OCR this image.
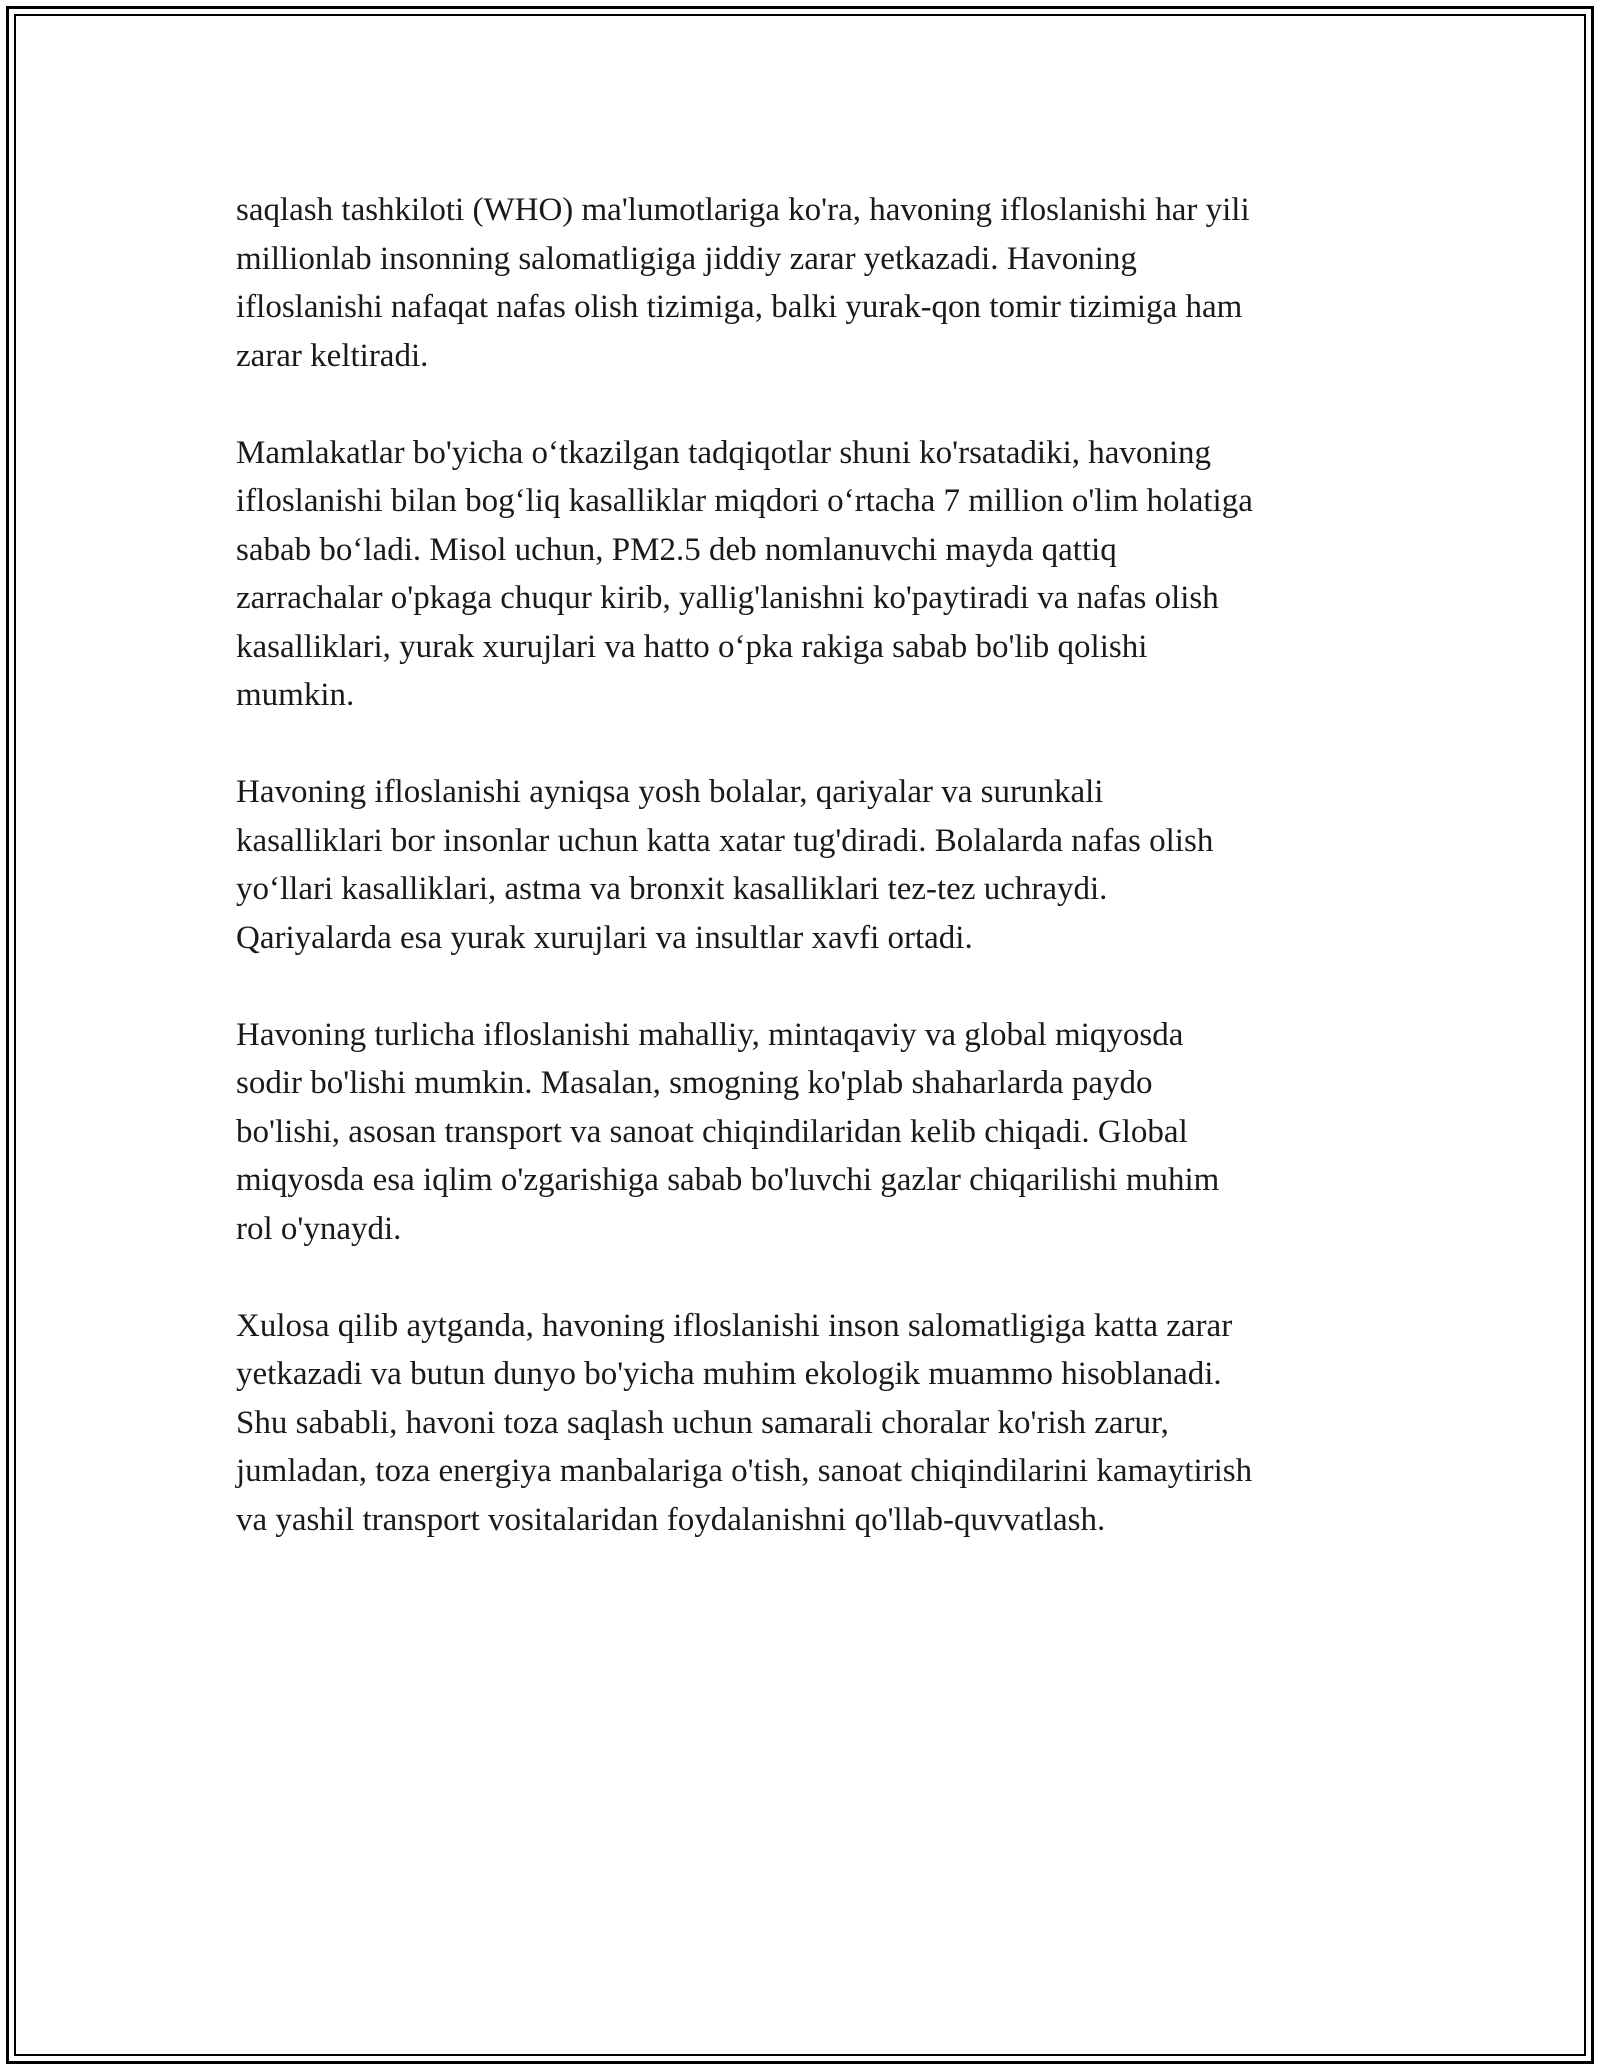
saqlash tashkiloti (WHO) ma'lumotlariga ko'ra, havoning ifloslanishi har yili
millionlab insonning salomatligiga jiddiy zarar yetkazadi. Havoning
ifloslanishi nafaqat nafas olish tizimiga, balki yurak-qon tomir tizimiga ham
zarar keltiradi.

Mamlakatlar bo'yicha o‘tkazilgan tadqiqotlar shuni ko'rsatadiki, havoning
ifloslanishi bilan bog‘liq kasalliklar miqdori o‘rtacha 7 million o'lim holatiga
sabab bo‘ladi. Misol uchun, PM2.5 deb nomlanuvchi mayda qattiq
zarrachalar o'pkaga chuqur kirib, yallig'lanishni ko'paytiradi va nafas olish
kasalliklari, yurak xurujlari va hatto o‘pka rakiga sabab bo'lib qolishi
mumkin.

Havoning ifloslanishi ayniqsa yosh bolalar, qariyalar va surunkali
kasalliklari bor insonlar uchun katta xatar tug'diradi. Bolalarda nafas olish
yo‘llari kasalliklari, astma va bronxit kasalliklari tez-tez uchraydi.
Qariyalarda esa yurak xurujlari va insultlar xavfi ortadi.

Havoning turlicha ifloslanishi mahalliy, mintaqaviy va global miqyosda
sodir bo'lishi mumkin. Masalan, smogning ko'plab shaharlarda paydo
bo'lishi, asosan transport va sanoat chiqindilaridan kelib chiqadi. Global
miqyosda esa iqlim o'zgarishiga sabab bo'luvchi gazlar chiqarilishi muhim
rol o'ynaydi.

Xulosa qilib aytganda, havoning ifloslanishi inson salomatligiga katta zarar
yetkazadi va butun dunyo bo'yicha muhim ekologik muammo hisoblanadi.
Shu sababli, havoni toza saqlash uchun samarali choralar ko'rish zarur,
jumladan, toza energiya manbalariga o'tish, sanoat chiqindilarini kamaytirish
va yashil transport vositalaridan foydalanishni qo'llab-quvvatlash.
